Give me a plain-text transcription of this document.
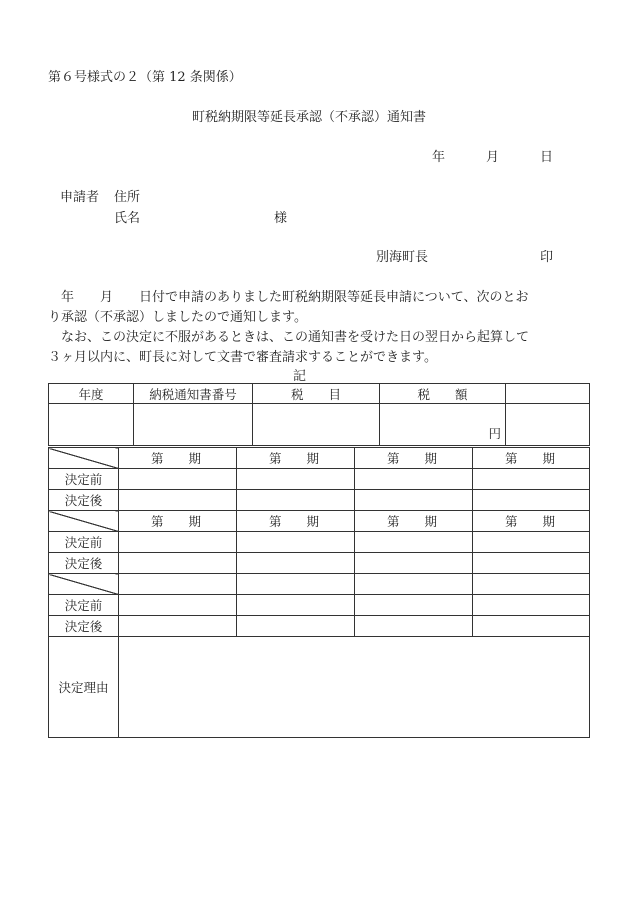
第６号様式の２（第 12 条関係）
町税納期限等延長承認（不承認）通知書
年	月	日
申請者 住所
氏名	様
別海町長	印
　年　　月　　日付で申請のありました町税納期限等延長申請について、次のとお
り承認（不承認）しましたので通知します。
　なお、この決定に不服があるときは、この通知書を受けた日の翌日から起算して
３ヶ月以内に、町長に対して文書で審査請求することができます。
記
年度	納税通知書番号	税　　目	税　　額	
			円	
	第　　期	第　　期	第　　期	第　　期
決定前				
決定後				
	第　　期	第　　期	第　　期	第　　期
決定前				
決定後				

決定前				
決定後				
決定理由				
